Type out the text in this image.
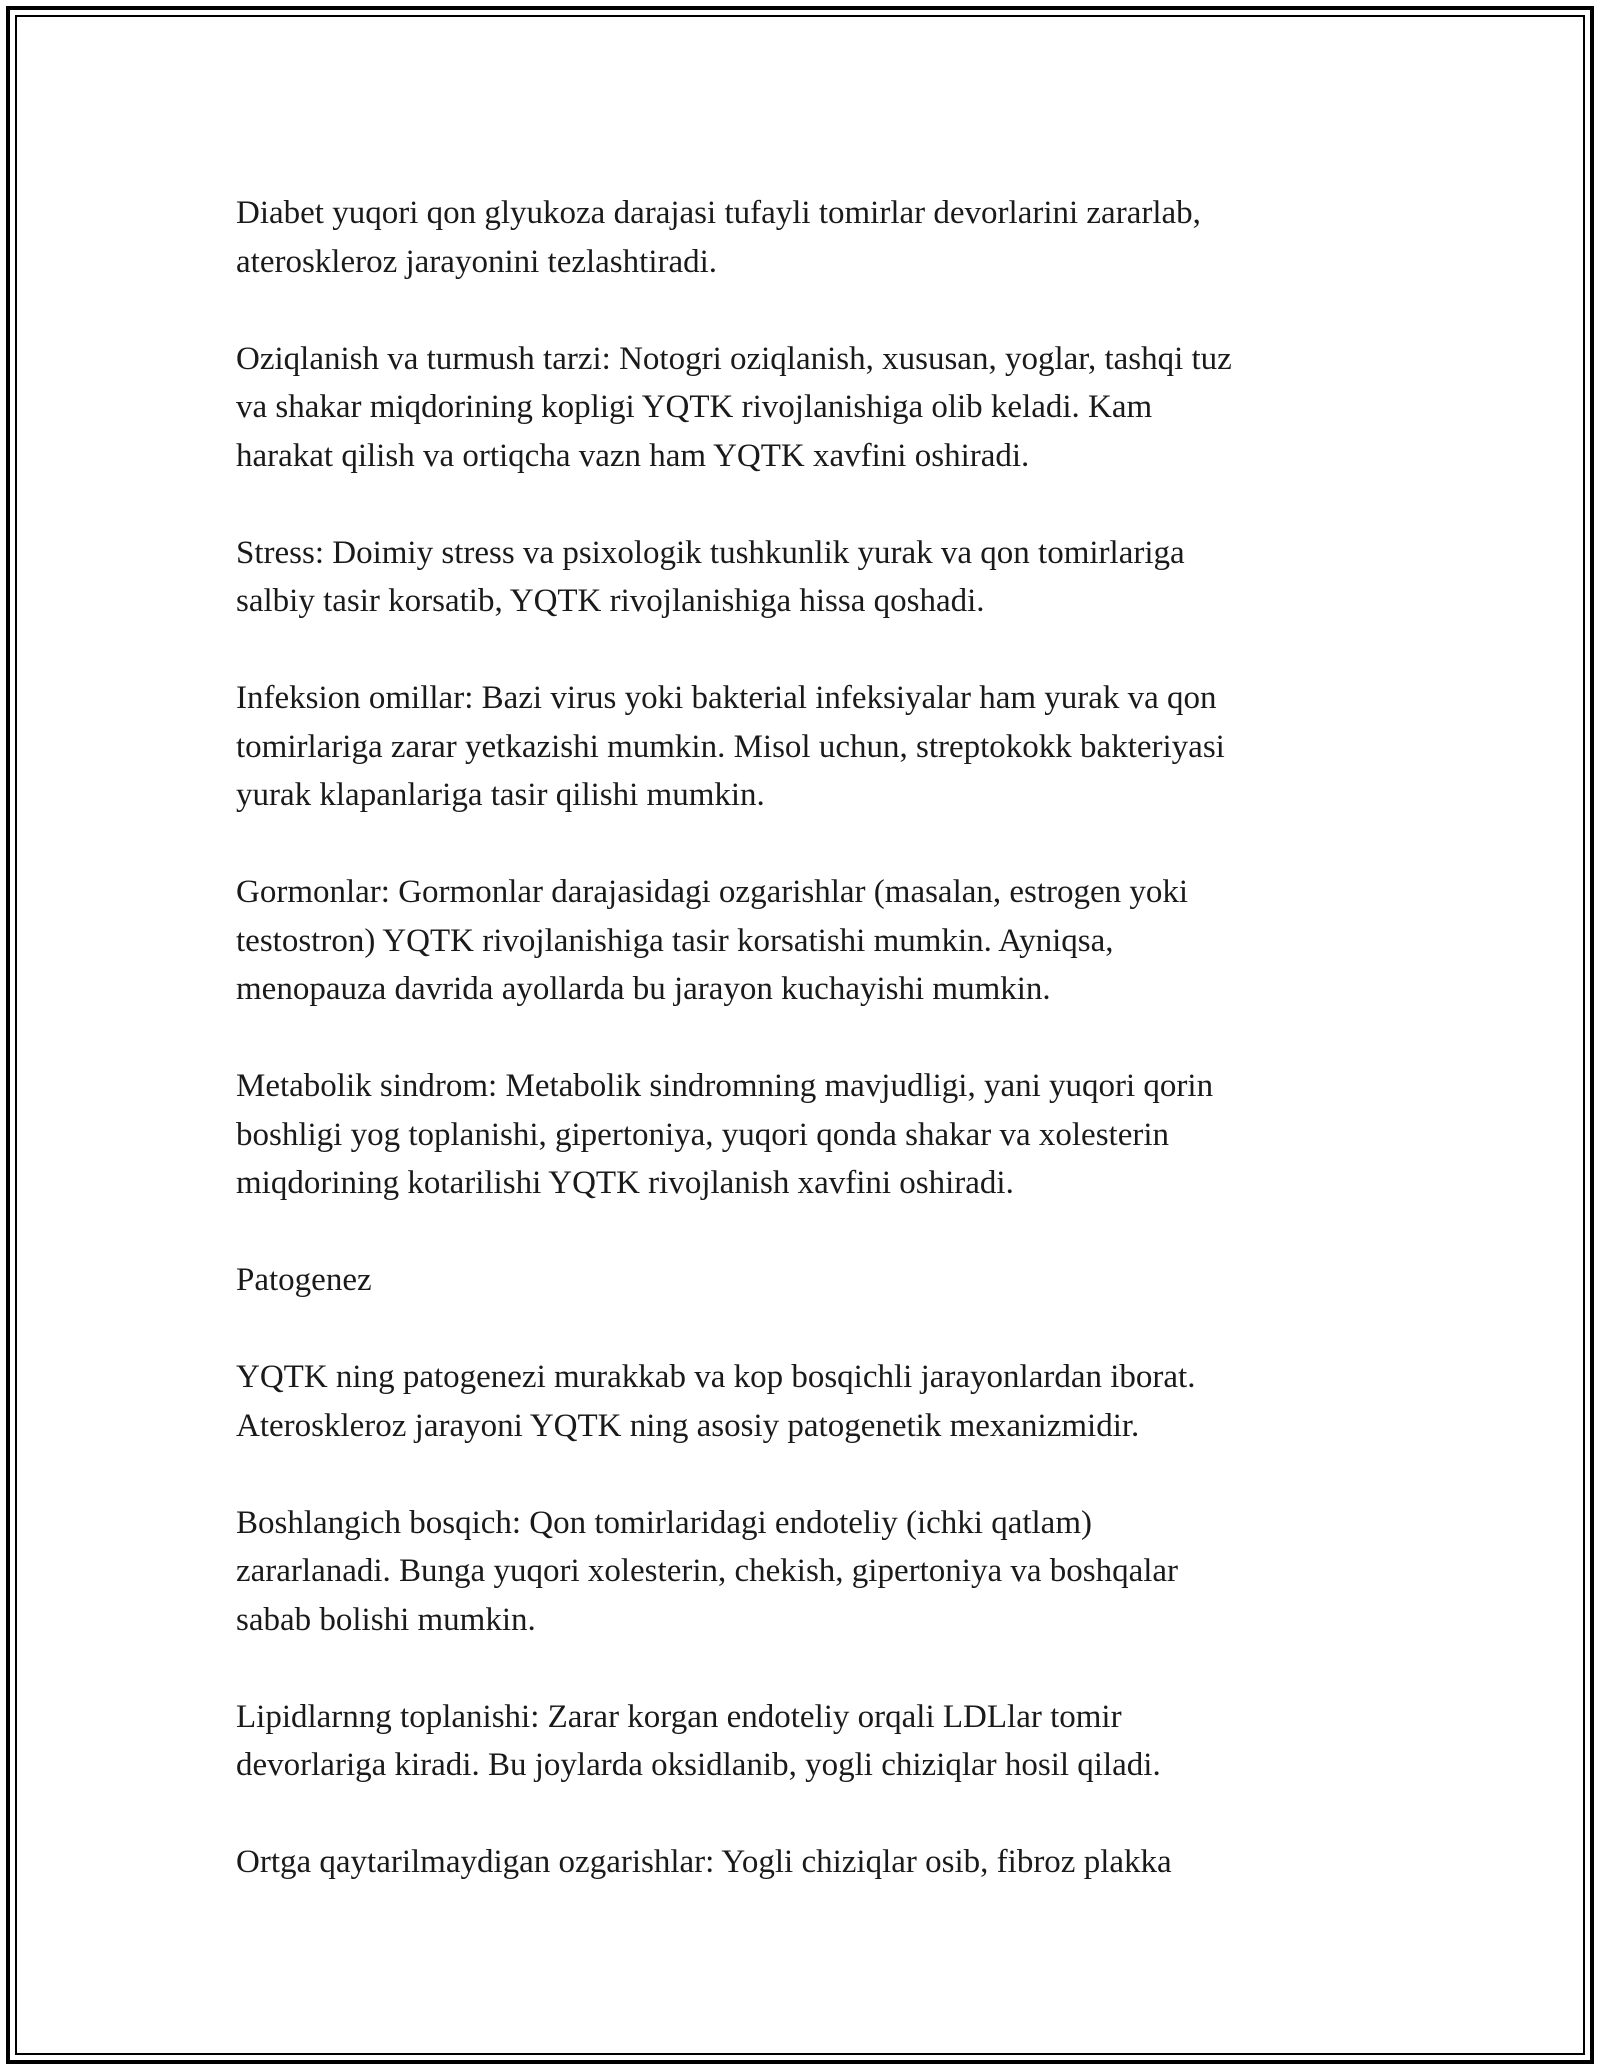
Diabet yuqori qon glyukoza darajasi tufayli tomirlar devorlarini zararlab,
ateroskleroz jarayonini tezlashtiradi.

Oziqlanish va turmush tarzi: Notogri oziqlanish, xususan, yoglar, tashqi tuz
va shakar miqdorining kopligi YQTK rivojlanishiga olib keladi. Kam
harakat qilish va ortiqcha vazn ham YQTK xavfini oshiradi.

Stress: Doimiy stress va psixologik tushkunlik yurak va qon tomirlariga
salbiy tasir korsatib, YQTK rivojlanishiga hissa qoshadi.

Infeksion omillar: Bazi virus yoki bakterial infeksiyalar ham yurak va qon
tomirlariga zarar yetkazishi mumkin. Misol uchun, streptokokk bakteriyasi
yurak klapanlariga tasir qilishi mumkin.

Gormonlar: Gormonlar darajasidagi ozgarishlar (masalan, estrogen yoki
testostron) YQTK rivojlanishiga tasir korsatishi mumkin. Ayniqsa,
menopauza davrida ayollarda bu jarayon kuchayishi mumkin.

Metabolik sindrom: Metabolik sindromning mavjudligi, yani yuqori qorin
boshligi yog toplanishi, gipertoniya, yuqori qonda shakar va xolesterin
miqdorining kotarilishi YQTK rivojlanish xavfini oshiradi.

Patogenez

YQTK ning patogenezi murakkab va kop bosqichli jarayonlardan iborat.
Ateroskleroz jarayoni YQTK ning asosiy patogenetik mexanizmidir.

Boshlangich bosqich: Qon tomirlaridagi endoteliy (ichki qatlam)
zararlanadi. Bunga yuqori xolesterin, chekish, gipertoniya va boshqalar
sabab bolishi mumkin.

Lipidlarnng toplanishi: Zarar korgan endoteliy orqali LDLlar tomir
devorlariga kiradi. Bu joylarda oksidlanib, yogli chiziqlar hosil qiladi.

Ortga qaytarilmaydigan ozgarishlar: Yogli chiziqlar osib, fibroz plakka
